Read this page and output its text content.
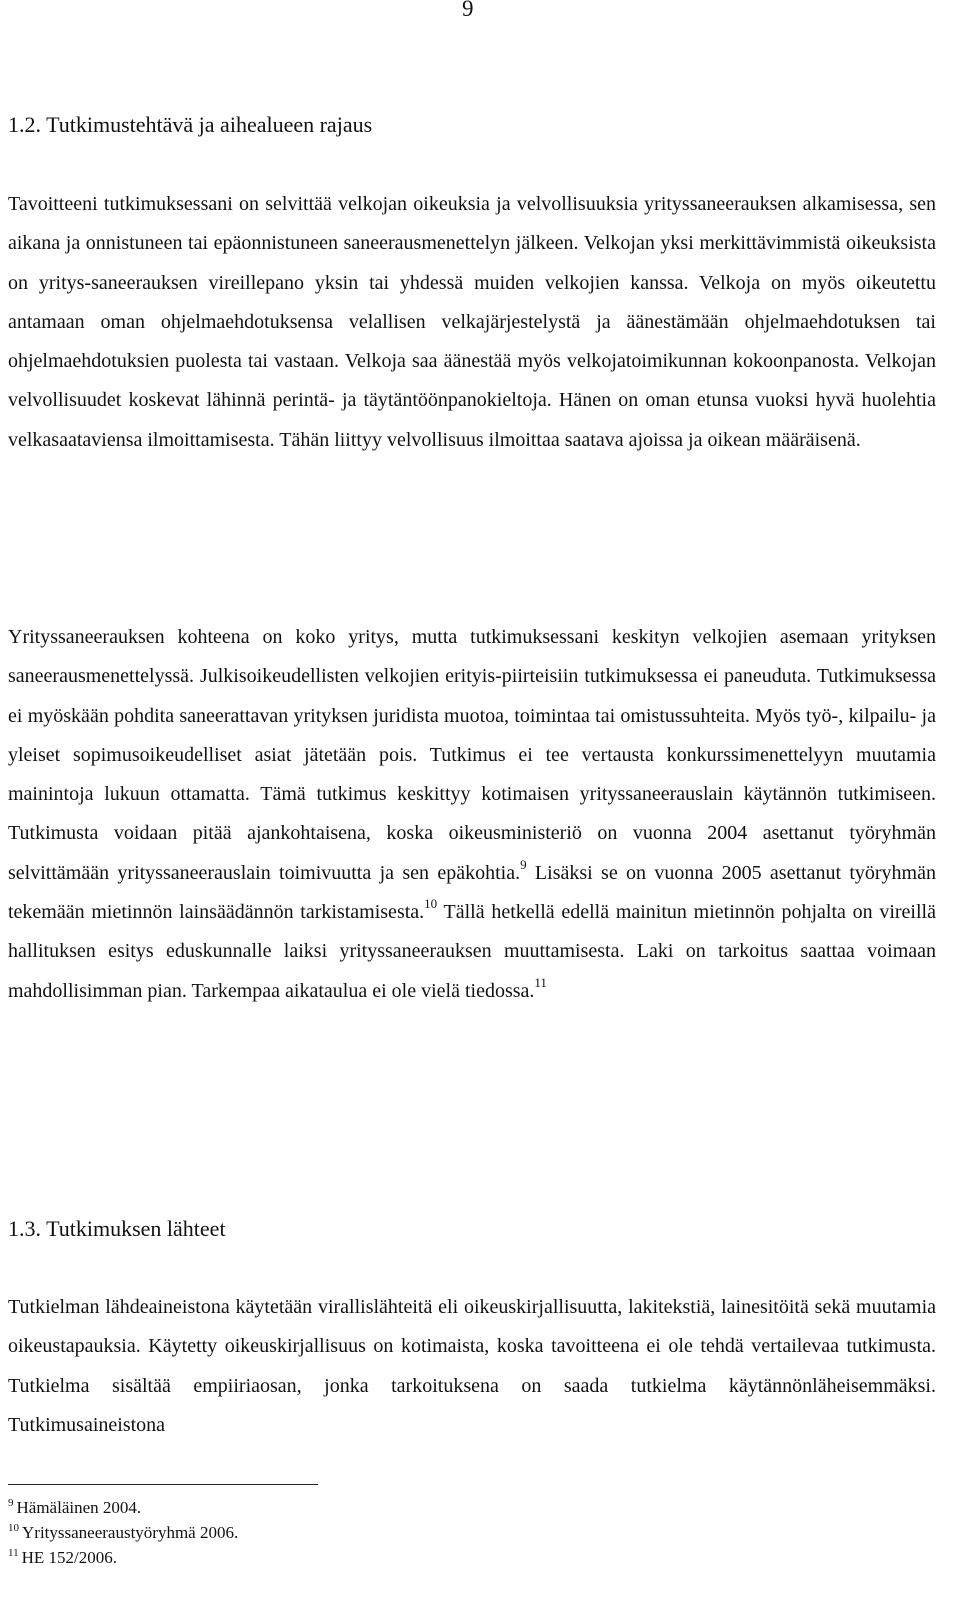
9
1.2. Tutkimustehtävä ja aihealueen rajaus
Tavoitteeni tutkimuksessani on selvittää velkojan oikeuksia ja velvollisuuksia yrityssaneerauksen alkamisessa, sen aikana ja onnistuneen tai epäonnistuneen saneerausmenettelyn jälkeen. Velkojan yksi merkittävimmistä oikeuksista on yritys-saneerauksen vireillepano yksin tai yhdessä muiden velkojien kanssa. Velkoja on myös oikeutettu antamaan oman ohjelmaehdotuksensa velallisen velkajärjestelystä ja äänestämään ohjelmaehdotuksen tai ohjelmaehdotuksien puolesta tai vastaan. Velkoja saa äänestää myös velkojatoimikunnan kokoonpanosta. Velkojan velvollisuudet koskevat lähinnä perintä- ja täytäntöönpanokieltoja. Hänen on oman etunsa vuoksi hyvä huolehtia velkasaataviensa ilmoittamisesta. Tähän liittyy velvollisuus ilmoittaa saatava ajoissa ja oikean määräisenä.
Yrityssaneerauksen kohteena on koko yritys, mutta tutkimuksessani keskityn velkojien asemaan yrityksen saneerausmenettelyssä. Julkisoikeudellisten velkojien erityis-piirteisiin tutkimuksessa ei paneuduta. Tutkimuksessa ei myöskään pohdita saneerattavan yrityksen juridista muotoa, toimintaa tai omistussuhteita. Myös työ-, kilpailu- ja yleiset sopimusoikeudelliset asiat jätetään pois. Tutkimus ei tee vertausta konkurssimenettelyyn muutamia mainintoja lukuun ottamatta. Tämä tutkimus keskittyy kotimaisen yrityssaneerauslain käytännön tutkimiseen. Tutkimusta voidaan pitää ajankohtaisena, koska oikeusministeriö on vuonna 2004 asettanut työryhmän selvittämään yrityssaneerauslain toimivuutta ja sen epäkohtia.$^9$ Lisäksi se on vuonna 2005 asettanut työryhmän tekemään mietinnön lainsäädännön tarkistamisesta.$^{10}$ Tällä hetkellä edellä mainitun mietinnön pohjalta on vireillä hallituksen esitys eduskunnalle laiksi yrityssaneerauksen muuttamisesta. Laki on tarkoitus saattaa voimaan mahdollisimman pian. Tarkempaa aikataulua ei ole vielä tiedossa.$^{11}$
1.3. Tutkimuksen lähteet
Tutkielman lähdeaineistona käytetään virallislähteitä eli oikeuskirjallisuutta, lakitekstiä, lainesitöitä sekä muutamia oikeustapauksia. Käytetty oikeuskirjallisuus on kotimaista, koska tavoitteena ei ole tehdä vertailevaa tutkimusta. Tutkielma sisältää empiiriaosan, jonka tarkoituksena on saada tutkielma käytännönläheisemmäksi. Tutkimusaineistona
$^9$ Hämäläinen 2004.
$^{10}$ Yrityssaneeraustyöryhmä 2006.
$^{11}$ HE 152/2006.
